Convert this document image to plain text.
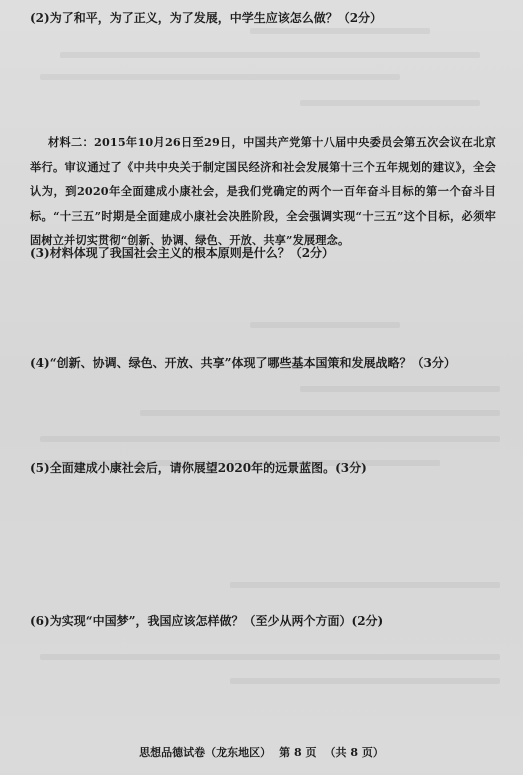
(2)为了和平，为了正义，为了发展，中学生应该怎么做？（2分）
材料二：2015年10月26日至29日，中国共产党第十八届中央委员会第五次会议在北京举行。审议通过了《中共中央关于制定国民经济和社会发展第十三个五年规划的建议》，全会认为，到2020年全面建成小康社会，是我们党确定的两个一百年奋斗目标的第一个奋斗目标。“十三五”时期是全面建成小康社会决胜阶段，全会强调实现“十三五”这个目标，必须牢固树立并切实贯彻“创新、协调、绿色、开放、共享”发展理念。
(3)材料体现了我国社会主义的根本原则是什么？（2分）
(4)“创新、协调、绿色、开放、共享”体现了哪些基本国策和发展战略？（3分）
(5)全面建成小康社会后，请你展望2020年的远景蓝图。(3分)
(6)为实现“中国梦”，我国应该怎样做？（至少从两个方面）(2分)
思想品德试卷（龙东地区） 第 8 页 （共 8 页）
